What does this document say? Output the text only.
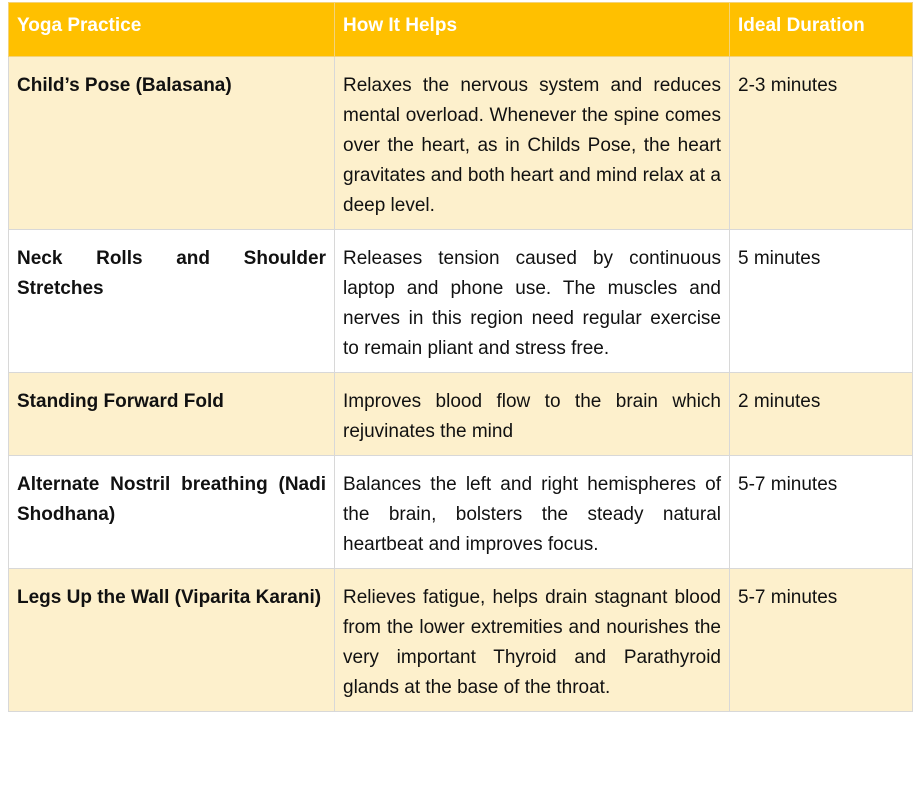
Yoga Practice	How It Helps	Ideal Duration
Child’s Pose (Balasana)	Relaxes the nervous system and reduces mental overload. Whenever the spine comes over the heart, as in Childs Pose, the heart gravitates and both heart and mind relax at a deep level.	2-3 minutes
Neck Rolls and Shoulder Stretches	Releases tension caused by continuous laptop and phone use. The muscles and nerves in this region need regular exercise to remain pliant and stress free.	5 minutes
Standing Forward Fold	Improves blood flow to the brain which rejuvinates the mind	2 minutes
Alternate Nostril breathing (Nadi Shodhana)	Balances the left and right hemispheres of the brain, bolsters the steady natural heartbeat and improves focus.	5-7 minutes
Legs Up the Wall (Viparita Karani)	Relieves fatigue, helps drain stagnant blood from the lower extremities and nourishes the very important Thyroid and Parathyroid glands at the base of the throat.	5-7 minutes
